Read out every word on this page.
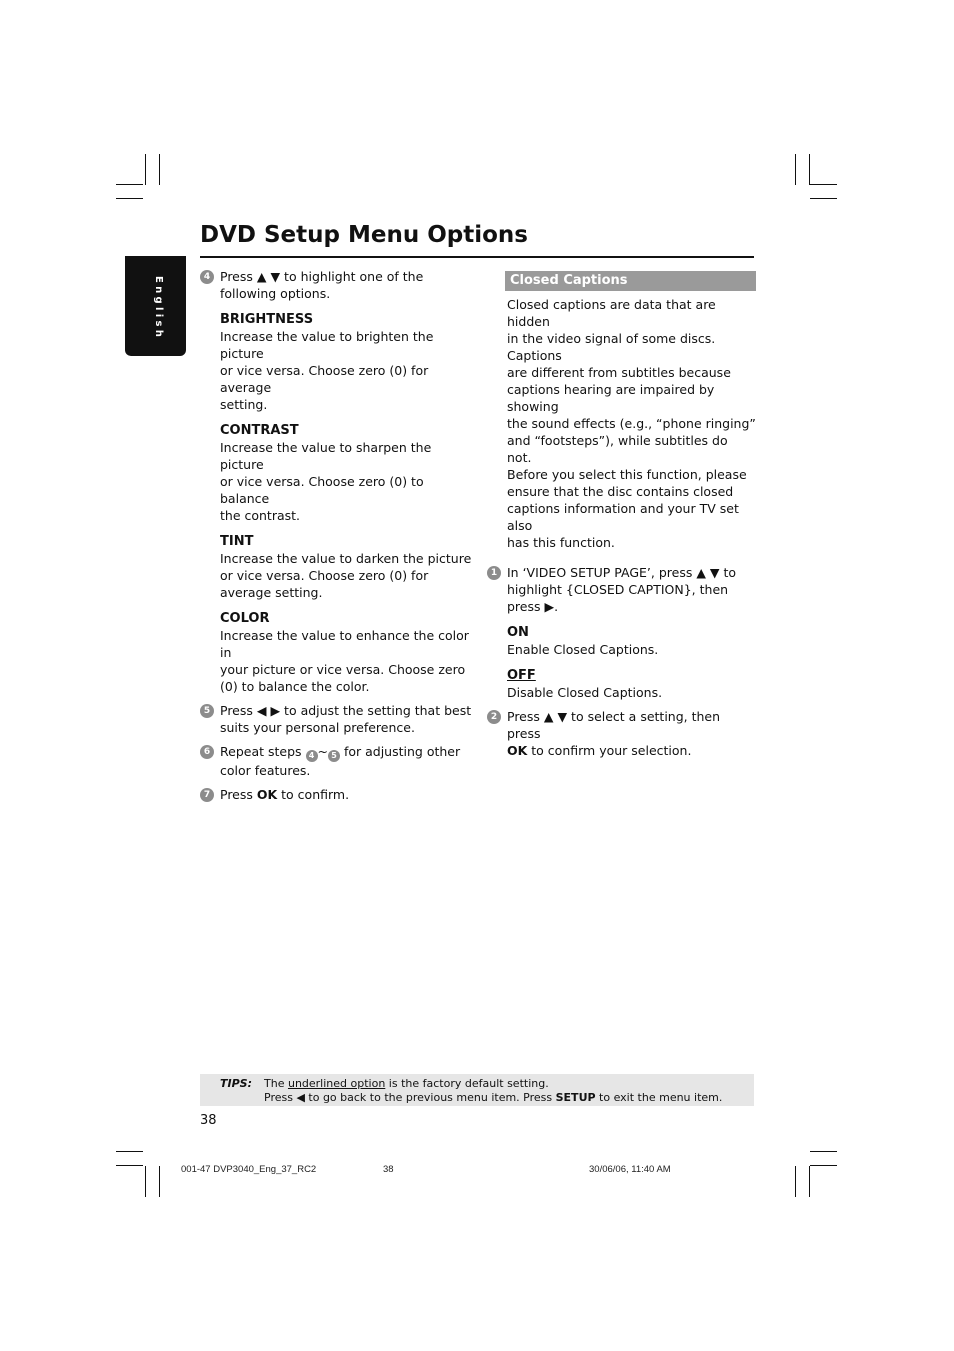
English
DVD Setup Menu Options
4 Press ▲ ▼ to highlight one of the
following options.
BRIGHTNESS
Increase the value to brighten the picture
or vice versa. Choose zero (0) for average
setting.
CONTRAST
Increase the value to sharpen the picture
or vice versa. Choose zero (0) to balance
the contrast.
TINT
Increase the value to darken the picture
or vice versa. Choose zero (0) for
average setting.
COLOR
Increase the value to enhance the color in
your picture or vice versa. Choose zero
(0) to balance the color.
5 Press ◀ ▶ to adjust the setting that best
suits your personal preference.
6 Repeat steps 4 ~ 5 for adjusting other
color features.
7 Press OK to confirm.
Closed Captions
Closed captions are data that are hidden
in the video signal of some discs. Captions
are different from subtitles because
captions hearing are impaired by showing
the sound effects (e.g., “phone ringing”
and “footsteps”), while subtitles do not.
Before you select this function, please
ensure that the disc contains closed
captions information and your TV set also
has this function.
1 In ‘VIDEO SETUP PAGE’, press ▲ ▼ to
highlight {CLOSED CAPTION}, then
press ▶.
ON
Enable Closed Captions.
OFF
Disable Closed Captions.
2 Press ▲ ▼ to select a setting, then press
OK to confirm your selection.
TIPS: The underlined option is the factory default setting.
Press ◀ to go back to the previous menu item. Press SETUP to exit the menu item.
38
001-47 DVP3040_Eng_37_RC2	38	30/06/06, 11:40 AM
